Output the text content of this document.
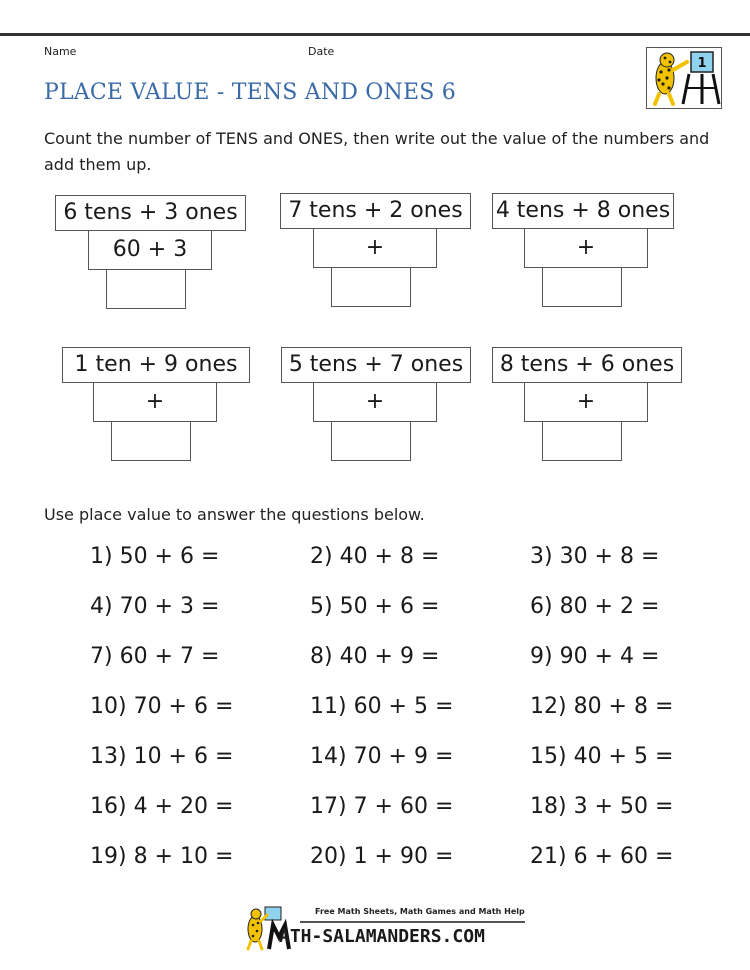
Name	Date
PLACE VALUE - TENS AND ONES 6
1
Count the number of TENS and ONES, then write out the value of the numbers and
add them up.
6 tens + 3 ones
60 + 3
7 tens + 2 ones
+
4 tens + 8 ones
+
1 ten + 9 ones
+
5 tens + 7 ones
+
8 tens + 6 ones
+
Use place value to answer the questions below.
1) 50 + 6 =	2) 40 + 8 =	3) 30 + 8 =
4) 70 + 3 =	5) 50 + 6 =	6) 80 + 2 =
7) 60 + 7 =	8) 40 + 9 =	9) 90 + 4 =
10) 70 + 6 =	11) 60 + 5 =	12) 80 + 8 =
13) 10 + 6 =	14) 70 + 9 =	15) 40 + 5 =
16) 4 + 20 =	17) 7 + 60 =	18) 3 + 50 =
19) 8 + 10 =	20) 1 + 90 =	21) 6 + 60 =
Free Math Sheets, Math Games and Math Help
ATH-SALAMANDERS.COM
